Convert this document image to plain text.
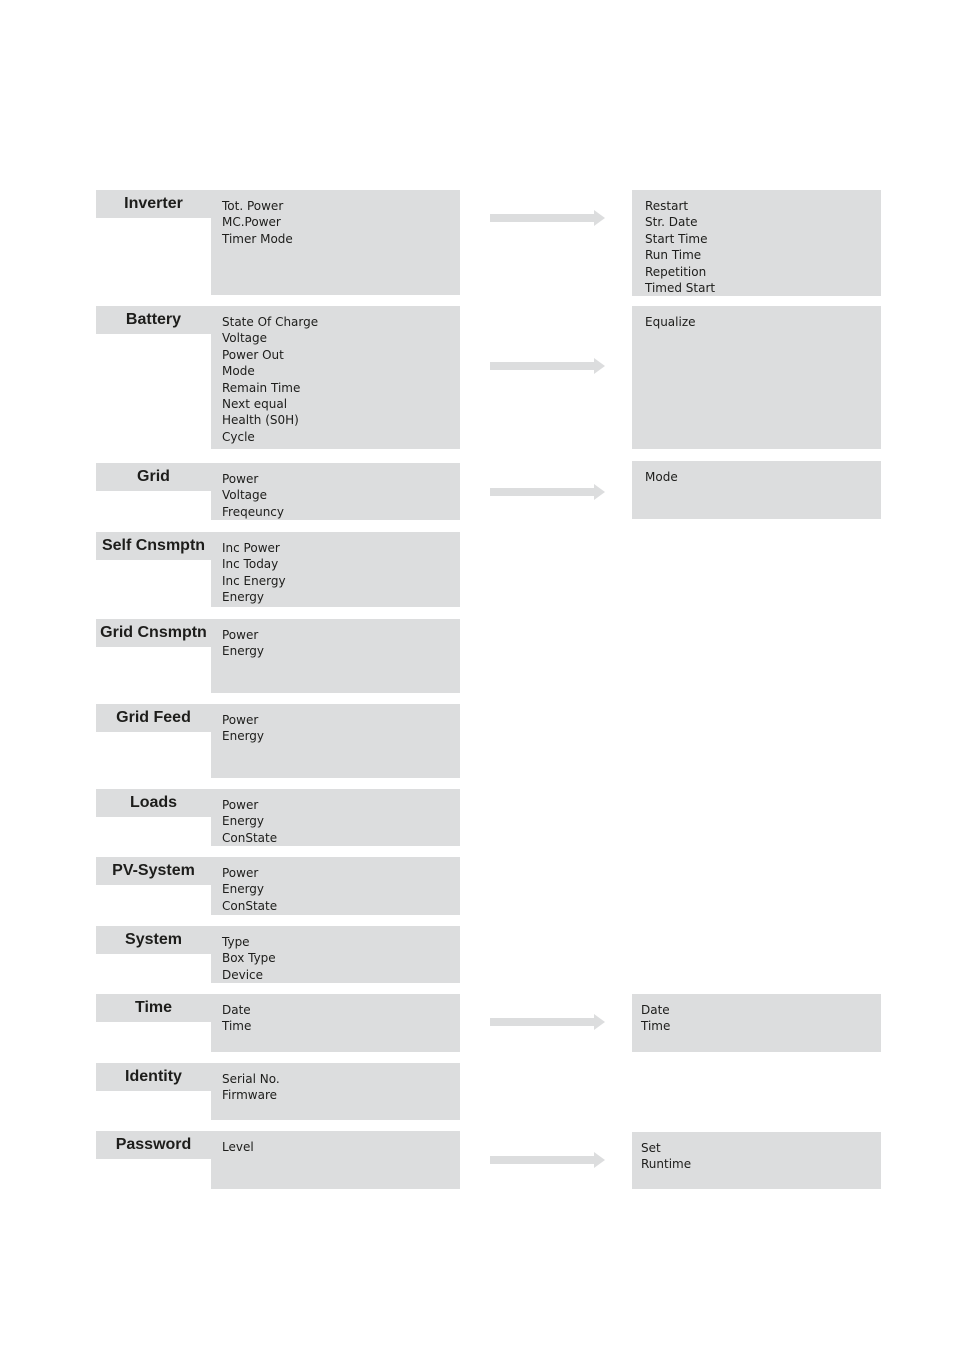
Inverter	Tot. Power
MC.Power
Timer Mode
Restart
Str. Date
Start Time
Run Time
Repetition
Timed Start
Battery	State Of Charge
Voltage
Power Out
Mode
Remain Time
Next equal
Health (S0H)
Cycle
Equalize
Grid	Power
Voltage
Freqeuncy
Mode
Self Cnsmptn	Inc Power
Inc Today
Inc Energy
Energy
Grid Cnsmptn	Power
Energy
Grid Feed	Power
Energy
Loads	Power
Energy
ConState
PV-System	Power
Energy
ConState
System	Type
Box Type
Device
Time	Date
Time
Date
Time
Identity	Serial No.
Firmware
Password	Level	Set
Runtime
